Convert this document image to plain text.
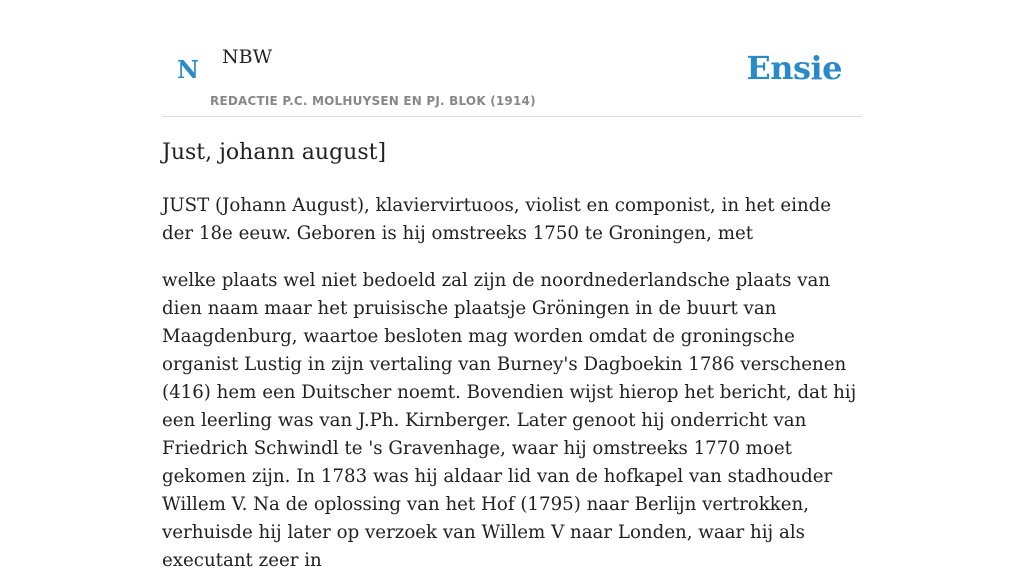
N NBW
REDACTIE P.C. MOLHUYSEN EN PJ. BLOK (1914)
Ensie
Just, johann august]

JUST (Johann August), klaviervirtuoos, violist en componist, in het einde der 18e eeuw. Geboren is hij omstreeks 1750 te Groningen, met

welke plaats wel niet bedoeld zal zijn de noordnederlandsche plaats van dien naam maar het pruisische plaatsje Gröningen in de buurt van Maagdenburg, waartoe besloten mag worden omdat de groningsche organist Lustig in zijn vertaling van Burney's Dagboekin 1786 verschenen (416) hem een Duitscher noemt. Bovendien wijst hierop het bericht, dat hij een leerling was van J.Ph. Kirnberger. Later genoot hij onderricht van Friedrich Schwindl te 's Gravenhage, waar hij omstreeks 1770 moet gekomen zijn. In 1783 was hij aldaar lid van de hofkapel van stadhouder Willem V. Na de oplossing van het Hof (1795) naar Berlijn vertrokken, verhuisde hij later op verzoek van Willem V naar Londen, waar hij als executant zeer in
